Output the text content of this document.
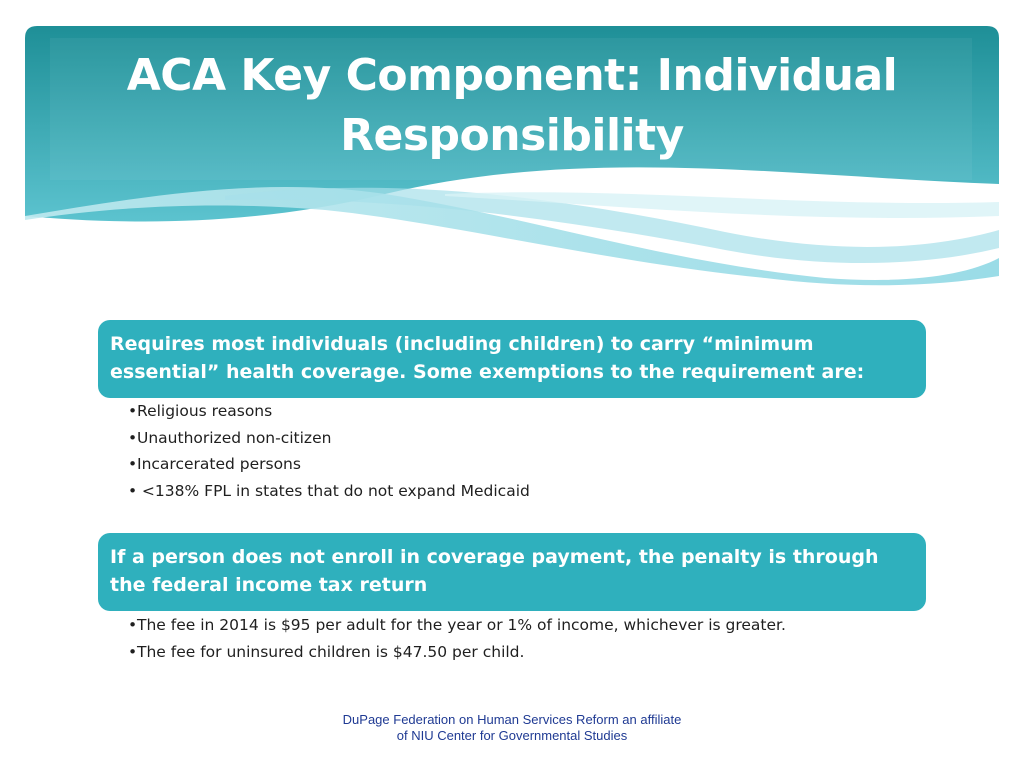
ACA Key Component: Individual
Responsibility
Requires most individuals (including children) to carry “minimum
essential” health coverage. Some exemptions to the requirement are:
•Religious reasons
•Unauthorized non-citizen
•Incarcerated persons
• <138% FPL in states that do not expand Medicaid
If a person does not enroll in coverage payment, the penalty is through
the federal income tax return
•The fee in 2014 is $95 per adult for the year or 1% of income, whichever is greater.
•The fee for uninsured children is $47.50 per child.
DuPage Federation on Human Services Reform an affiliate
of NIU Center for Governmental Studies
